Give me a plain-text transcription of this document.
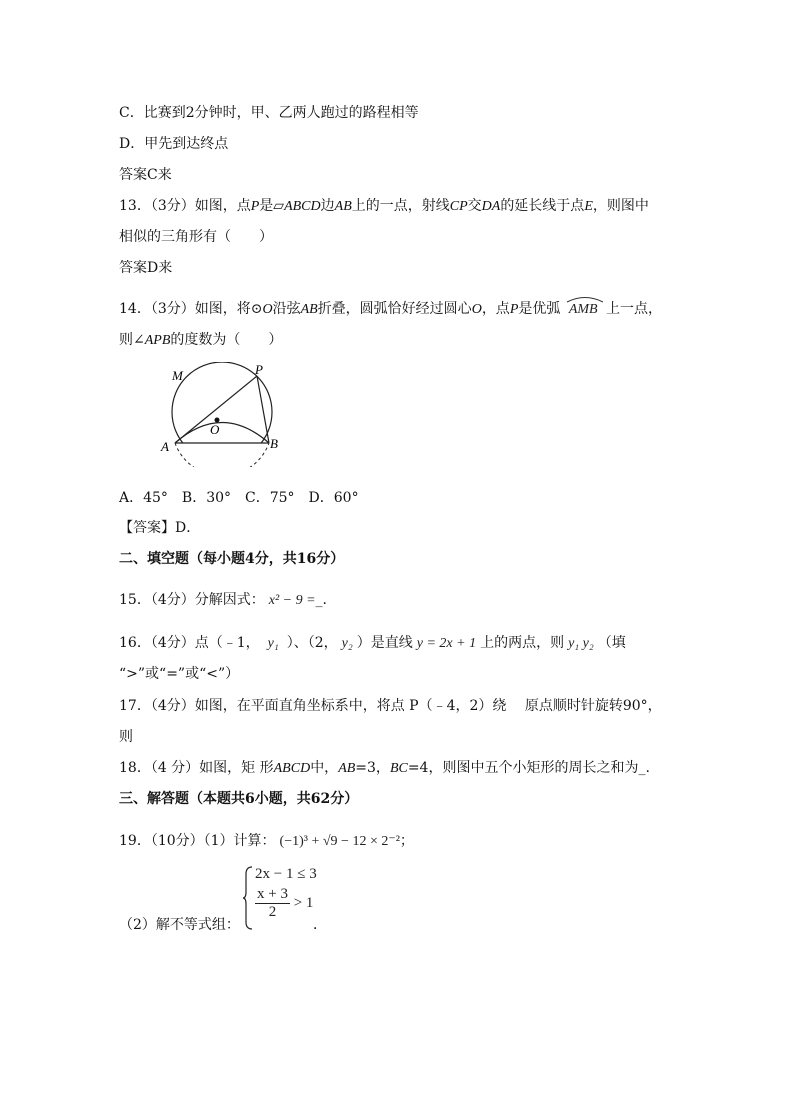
C．比赛到2分钟时，甲、乙两人跑过的路程相等
D．甲先到达终点
答案C来
13．（3分）如图，点P是▱ABCD边AB上的一点，射线CP交DA的延长线于点E，则图中
相似的三角形有（　　）
答案D来
14．（3分）如图，将⊙O沿弦AB折叠，圆弧恰好经过圆心O，点P是优弧 AMB 上一点，
则∠APB的度数为（　　）
M	P
O
A	B
A．45°　B．30°　C．75°　D．60°
【答案】D．
二、填空题（每小题4分，共16分）
15．（4分）分解因式： x² − 9 =_.
16．（4分）点（﹣1， y₁ ）、（2， y₂ ）是直线 y = 2x + 1 上的两点，则 y₁ y₂ （填
“>”或“=”或“<”）
17．（4分）如图，在平面直角坐标系中，将点 P（﹣4，2）绕　 原点顺时针旋转90°，
则
18．（4 分）如图，矩 形ABCD中，AB=3，BC=4，则图中五个小矩形的周长之和为_.
三、解答题（本题共6小题，共62分）
19．（10分）（1）计算： (−1)³ + √9 − 12 × 2⁻²；
（2）解不等式组：
2x − 1 ≤ 3
$\frac{x + 3}{2} > 1$
．
